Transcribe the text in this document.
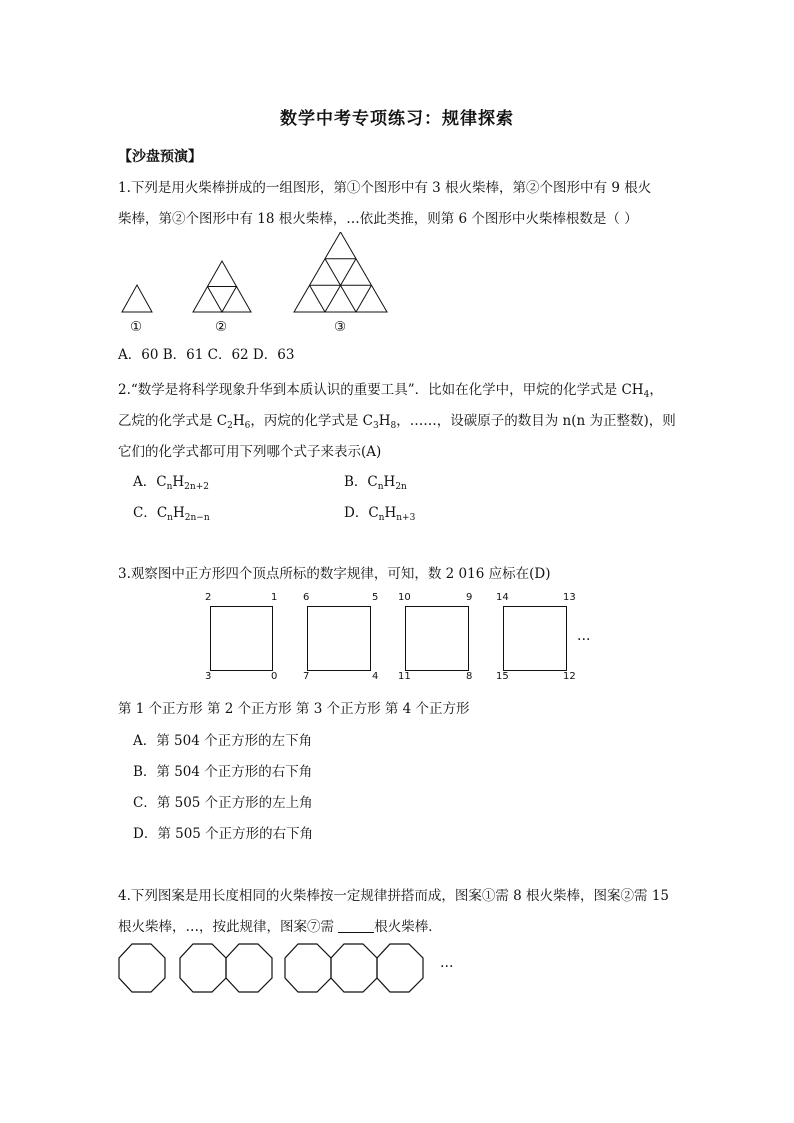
数学中考专项练习：规律探索
【沙盘预演】
1.下列是用火柴棒拼成的一组图形，第①个图形中有 3 根火柴棒，第②个图形中有 9 根火
柴棒，第②个图形中有 18 根火柴棒，…依此类推，则第 6 个图形中火柴棒根数是（ ）
①	②	③
A．60 B．61 C．62 D．63
2.“数学是将科学现象升华到本质认识的重要工具”．比如在化学中，甲烷的化学式是 $CH_4$，
乙烷的化学式是 $C_2H_6$，丙烷的化学式是 $C_3H_8$，……，设碳原子的数目为 n(n 为正整数)，则
它们的化学式都可用下列哪个式子来表示(A)
A．$C_nH_{2n+2}$	B．$C_nH_{2n}$
C．$C_nH_{2n-n}$	D．$C_nH_{n+3}$
3.观察图中正方形四个顶点所标的数字规律，可知，数 2 016 应标在(D)
2	1
3	0
6	5
7	4
10	9
11	8
14	13
15	12
…
第 1 个正方形 第 2 个正方形 第 3 个正方形 第 4 个正方形
A．第 504 个正方形的左下角
B．第 504 个正方形的右下角
C．第 505 个正方形的左上角
D．第 505 个正方形的右下角
4.下列图案是用长度相同的火柴棒按一定规律拼搭而成，图案①需 8 根火柴棒，图案②需 15
根火柴棒，…，按此规律，图案⑦需	根火柴棒．
…
